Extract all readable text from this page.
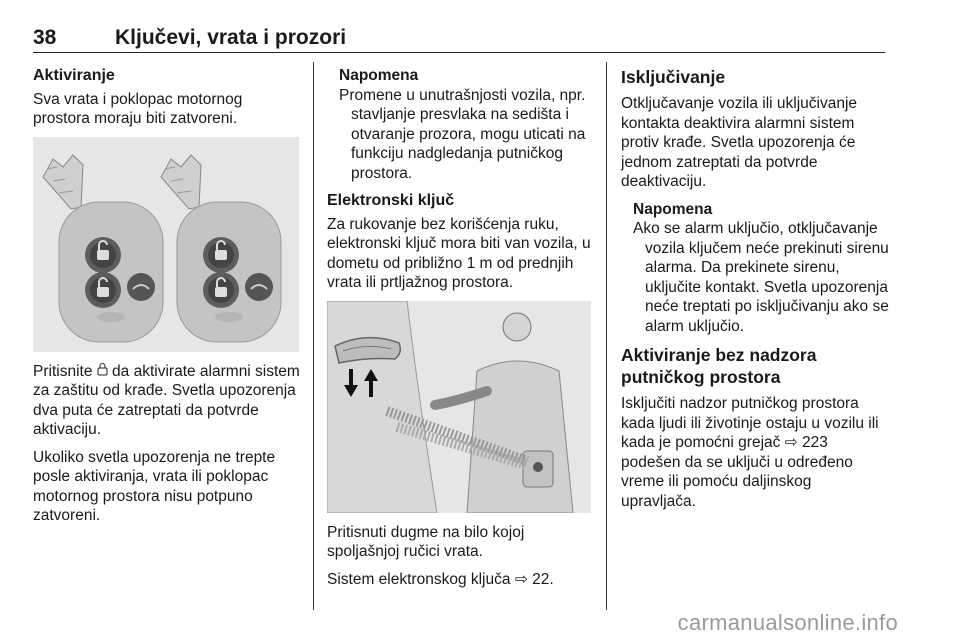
38	Ključevi, vrata i prozori
Aktiviranje

Sva vrata i poklopac motornog prostora moraju biti zatvoreni.

Pritisnite  da aktivirate alarmni sistem za zaštitu od krađe. Svetla upozorenja dva puta će zatreptati da potvrde aktivaciju.

Ukoliko svetla upozorenja ne trepte posle aktiviranja, vrata ili poklopac motornog prostora nisu potpuno zatvoreni.

Napomena
Promene u unutrašnjosti vozila, npr. stavljanje presvlaka na sedišta i otvaranje prozora, mogu uticati na funkciju nadgledanja putničkog prostora.
Elektronski ključ

Za rukovanje bez korišćenja ruku, elektronski ključ mora biti van vozila, u dometu od približno 1 m od prednjih vrata ili prtljažnog prostora.

Pritisnuti dugme na bilo kojoj spoljašnjoj ručici vrata.

Sistem elektronskog ključa ⇨ 22.

Isključivanje

Otključavanje vozila ili uključivanje kontakta deaktivira alarmni sistem protiv krađe. Svetla upozorenja će jednom zatreptati da potvrde deaktivaciju.

Napomena
Ako se alarm uključio, otključavanje vozila ključem neće prekinuti sirenu alarma. Da prekinete sirenu, uključite kontakt. Svetla upozorenja neće treptati po isključivanju ako se alarm uključio.
Aktiviranje bez nadzora putničkog prostora

Isključiti nadzor putničkog prostora kada ljudi ili životinje ostaju u vozilu ili kada je pomoćni grejač ⇨ 223 podešen da se uključi u određeno vreme ili pomoću daljinskog upravljača.

carmanualsonline.info
